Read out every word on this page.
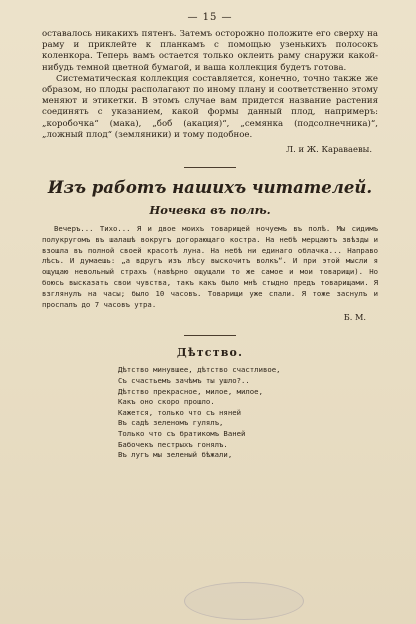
— 15 —

оставалось никакихъ пятенъ. Затемъ осторожно положите его сверху на раму и приклейте к планкамъ с помощью узенькихъ полосокъ коленкора. Теперь вамъ остается только оклеить раму снаружи какой-нибудь темной цветной бумагой, и ваша коллекция будетъ готова.

Систематическая коллекция составляется, конечно, точно также же образом, но плоды располагают по иному плану и соответственно этому меняют и этикетки. В этомъ случае вам придется название растения соединять с указанием, какой формы данный плод, напримеръ: „коробочка“ (мака), „боб (акация)“, „семянка (подсолнечника)“, „ложный плод“ (земляники) и тому подобное.

Л. и Ж. Караваевы.
Изъ работъ нашихъ читателей.
Ночевка въ полѣ.

Вечеръ... Тихо... Я и двое моихъ товарищей ночуемъ въ полѣ. Мы сидимъ полукругомъ въ шалашѣ вокругъ догорающаго костра. На небѣ мерцаютъ звѣзды и взошла въ полной своей красотѣ луна. На небѣ ни единаго облачка... Направо лѣсъ. И думаешь: „а вдругъ изъ лѣсу выскочитъ волкъ“. И при этой мысли я ощущаю невольный страхъ (навѣрно ощущали то же самое и мои товарищи). Но боюсь высказать свои чувства, такъ какъ было мнѣ стыдно предъ товарищами. Я взглянулъ на часы; было 10 часовъ. Товарищи уже спали. Я тоже заснулъ и проспалъ до 7 часовъ утра.

Б. М.
Дѣтство.
Дѣтство минувшее, дѣтство счастливое,
Съ счастьемъ зачѣмъ ты ушло?..
Дѣтство прекрасное, милое, милое,
Какъ оно скоро прошло.
Кажется, только что съ няней
Въ садѣ зеленомъ гулялъ,
Только что съ братикомъ Ваней
Бабочекъ пестрыхъ гонялъ.
Въ лугъ мы зеленый бѣжали,
